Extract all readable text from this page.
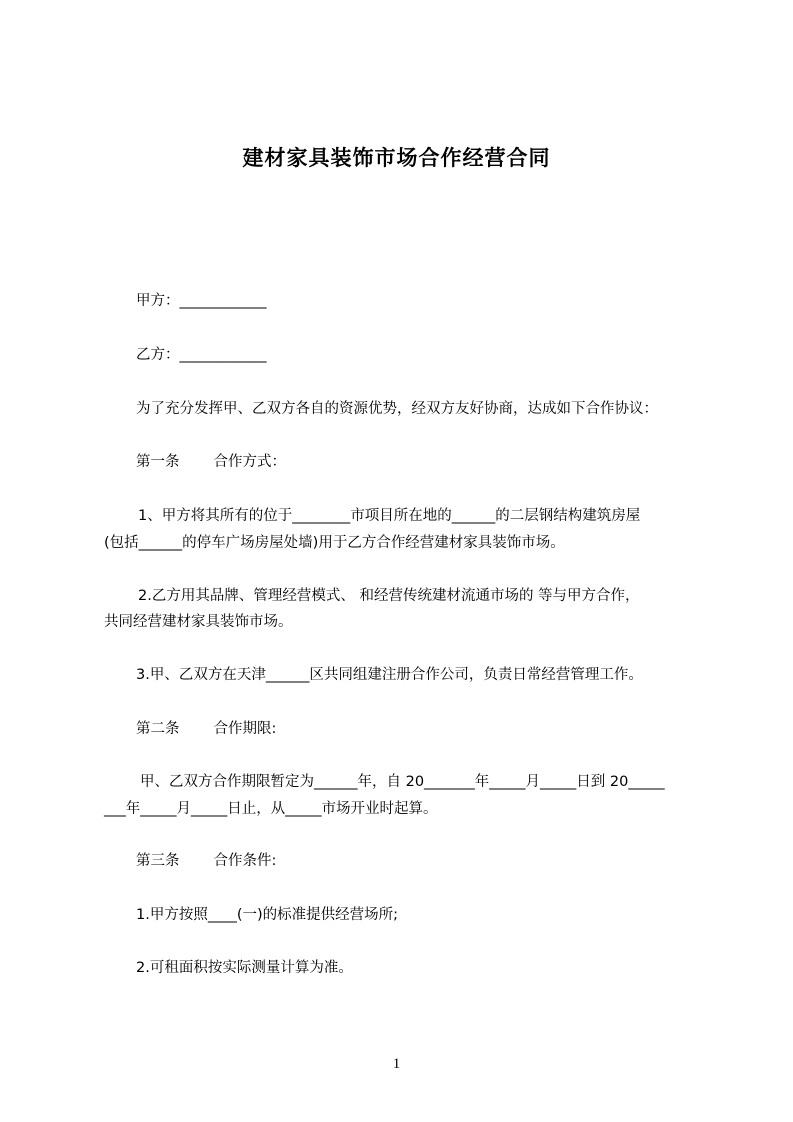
建材家具装饰市场合作经营合同
甲方：____________
乙方：____________
为了充分发挥甲、乙双方各自的资源优势，经双方友好协商，达成如下合作协议：
第一条 合作方式：
1、甲方将其所有的位于________市项目所在地的______的二层钢结构建筑房屋
(包括______的停车广场房屋处墙)用于乙方合作经营建材家具装饰市场。
2.乙方用其品牌、管理经营模式、 和经营传统建材流通市场的 等与甲方合作，
共同经营建材家具装饰市场。
3.甲、乙双方在天津______区共同组建注册合作公司，负责日常经营管理工作。
第二条 合作期限:
甲、乙双方合作期限暂定为______年，自 20_______年_____月_____日到 20_____
___年_____月_____日止，从_____市场开业时起算。
第三条 合作条件:
1.甲方按照____(一)的标准提供经营场所;
2.可租面积按实际测量计算为准。
1
